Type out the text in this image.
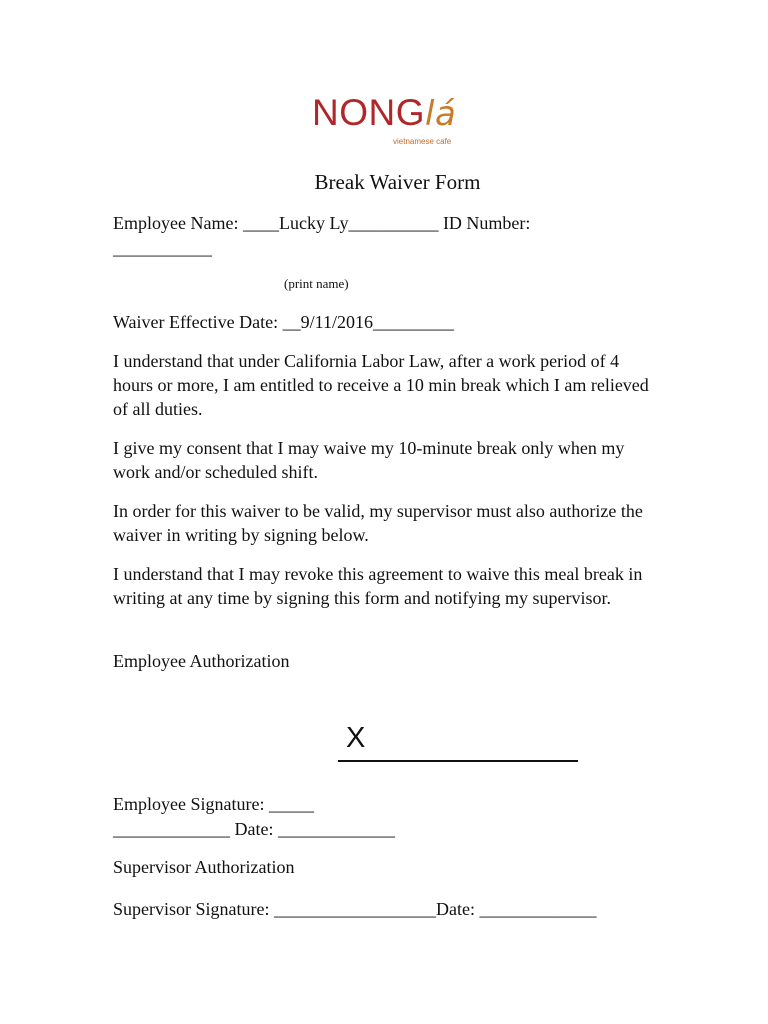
NONGlá
vietnamese cafe
Break Waiver Form
Employee Name: ____Lucky Ly__________ ID Number:
___________
(print name)
Waiver Effective Date: __9/11/2016_________
I understand that under California Labor Law, after a work period of 4 hours or more, I am entitled to receive a 10 min break which I am relieved of all duties.
I give my consent that I may waive my 10-minute break only when my work and/or scheduled shift.
In order for this waiver to be valid, my supervisor must also authorize the waiver in writing by signing below.
I understand that I may revoke this agreement to waive this meal break in writing at any time by signing this form and notifying my supervisor.
Employee Authorization
X
Employee Signature: _____
_____________ Date: _____________
Supervisor Authorization
Supervisor Signature: __________________Date: _____________
